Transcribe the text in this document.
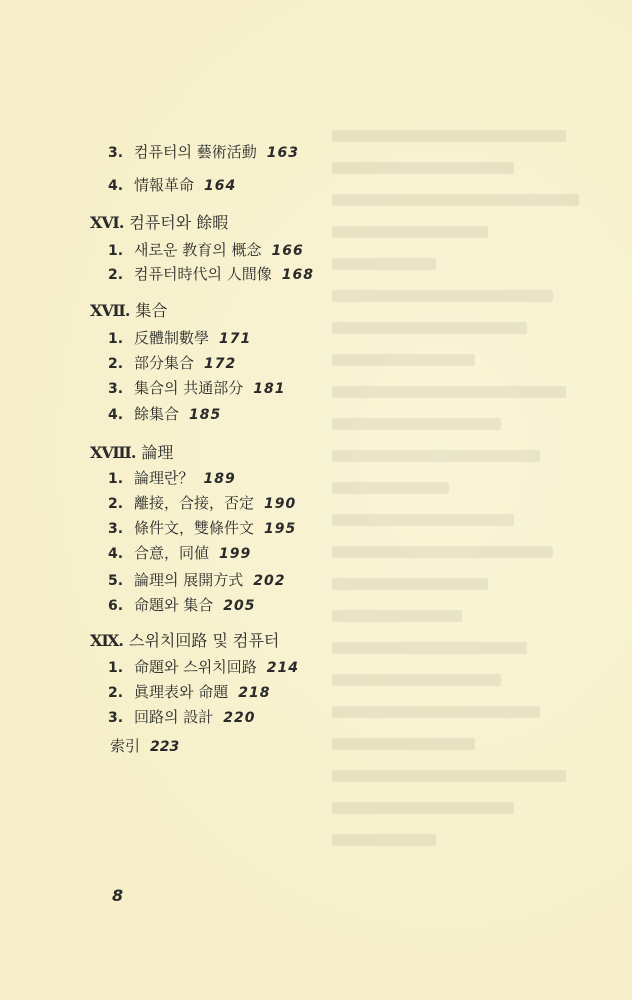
3. 컴퓨터의 藝術活動 163
4. 情報革命 164
XⅥ. 컴퓨터와 餘暇
1. 새로운 教育의 概念 166
2. 컴퓨터時代의 人間像 168
XⅦ. 集合
1. 反體制數學 171
2. 部分集合 172
3. 集合의 共通部分 181
4. 餘集合 185
XⅧ. 論理
1. 論理란？ 189
2. 離接，合接，否定 190
3. 條件文，雙條件文 195
4. 合意，同値 199
5. 論理의 展開方式 202
6. 命題와 集合 205
XⅨ. 스위치回路 및 컴퓨터
1. 命題와 스위치回路 214
2. 眞理表와 命題 218
3. 回路의 設計 220
索引 223
8
